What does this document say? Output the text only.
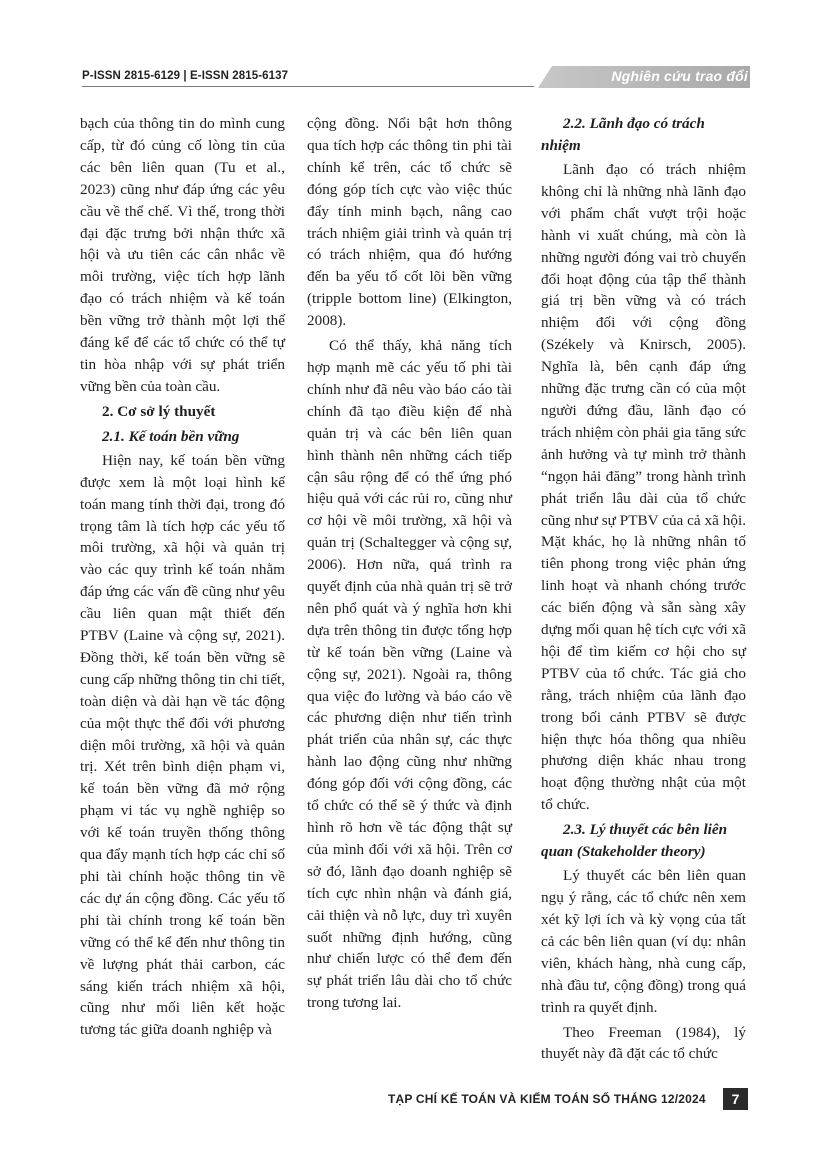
P-ISSN 2815-6129 | E-ISSN 2815-6137	Nghiên cứu trao đổi

bạch của thông tin do mình cung cấp, từ đó củng cố lòng tin của các bên liên quan (Tu et al., 2023) cũng như đáp ứng các yêu cầu về thể chế. Vì thế, trong thời đại đặc trưng bởi nhận thức xã hội và ưu tiên các cân nhắc về môi trường, việc tích hợp lãnh đạo có trách nhiệm và kế toán bền vững trở thành một lợi thế đáng kể để các tổ chức có thể tự tin hòa nhập với sự phát triển vững bền của toàn cầu.

2. Cơ sở lý thuyết
2.1. Kế toán bền vững

Hiện nay, kế toán bền vững được xem là một loại hình kế toán mang tính thời đại, trong đó trọng tâm là tích hợp các yếu tố môi trường, xã hội và quản trị vào các quy trình kế toán nhằm đáp ứng các vấn đề cũng như yêu cầu liên quan mật thiết đến PTBV (Laine và cộng sự, 2021). Đồng thời, kế toán bền vững sẽ cung cấp những thông tin chi tiết, toàn diện và dài hạn về tác động của một thực thể đối với phương diện môi trường, xã hội và quản trị. Xét trên bình diện phạm vi, kế toán bền vững đã mở rộng phạm vi tác vụ nghề nghiệp so với kế toán truyền thống thông qua đẩy mạnh tích hợp các chỉ số phi tài chính hoặc thông tin về các dự án cộng đồng. Các yếu tố phi tài chính trong kế toán bền vững có thể kể đến như thông tin về lượng phát thải carbon, các sáng kiến trách nhiệm xã hội, cũng như mối liên kết hoặc tương tác giữa doanh nghiệp và

cộng đồng. Nổi bật hơn thông qua tích hợp các thông tin phi tài chính kể trên, các tổ chức sẽ đóng góp tích cực vào việc thúc đẩy tính minh bạch, nâng cao trách nhiệm giải trình và quản trị có trách nhiệm, qua đó hướng đến ba yếu tố cốt lõi bền vững (tripple bottom line) (Elkington, 2008).

Có thể thấy, khả năng tích hợp mạnh mẽ các yếu tố phi tài chính như đã nêu vào báo cáo tài chính đã tạo điều kiện để nhà quản trị và các bên liên quan hình thành nên những cách tiếp cận sâu rộng để có thể ứng phó hiệu quả với các rủi ro, cũng như cơ hội về môi trường, xã hội và quản trị (Schaltegger và cộng sự, 2006). Hơn nữa, quá trình ra quyết định của nhà quản trị sẽ trở nên phổ quát và ý nghĩa hơn khi dựa trên thông tin được tổng hợp từ kế toán bền vững (Laine và cộng sự, 2021). Ngoài ra, thông qua việc đo lường và báo cáo về các phương diện như tiến trình phát triển của nhân sự, các thực hành lao động cũng như những đóng góp đối với cộng đồng, các tổ chức có thể sẽ ý thức và định hình rõ hơn về tác động thật sự của mình đối với xã hội. Trên cơ sở đó, lãnh đạo doanh nghiệp sẽ tích cực nhìn nhận và đánh giá, cải thiện và nỗ lực, duy trì xuyên suốt những định hướng, cũng như chiến lược có thể đem đến sự phát triển lâu dài cho tổ chức trong tương lai.

2.2. Lãnh đạo có trách nhiệm

Lãnh đạo có trách nhiệm không chỉ là những nhà lãnh đạo với phẩm chất vượt trội hoặc hành vi xuất chúng, mà còn là những người đóng vai trò chuyển đổi hoạt động của tập thể thành giá trị bền vững và có trách nhiệm đối với cộng đồng (Székely và Knirsch, 2005). Nghĩa là, bên cạnh đáp ứng những đặc trưng cần có của một người đứng đầu, lãnh đạo có trách nhiệm còn phải gia tăng sức ảnh hưởng và tự mình trở thành “ngọn hải đăng” trong hành trình phát triển lâu dài của tổ chức cũng như sự PTBV của cả xã hội. Mặt khác, họ là những nhân tố tiên phong trong việc phản ứng linh hoạt và nhanh chóng trước các biến động và sẵn sàng xây dựng mối quan hệ tích cực với xã hội để tìm kiếm cơ hội cho sự PTBV của tổ chức. Tác giả cho rằng, trách nhiệm của lãnh đạo trong bối cảnh PTBV sẽ được hiện thực hóa thông qua nhiều phương diện khác nhau trong hoạt động thường nhật của một tổ chức.

2.3. Lý thuyết các bên liên quan (Stakeholder theory)

Lý thuyết các bên liên quan ngụ ý rằng, các tổ chức nên xem xét kỹ lợi ích và kỳ vọng của tất cả các bên liên quan (ví dụ: nhân viên, khách hàng, nhà cung cấp, nhà đầu tư, cộng đồng) trong quá trình ra quyết định.

Theo Freeman (1984), lý thuyết này đã đặt các tổ chức

TẠP CHÍ KẾ TOÁN VÀ KIỂM TOÁN SỐ THÁNG 12/2024	7
